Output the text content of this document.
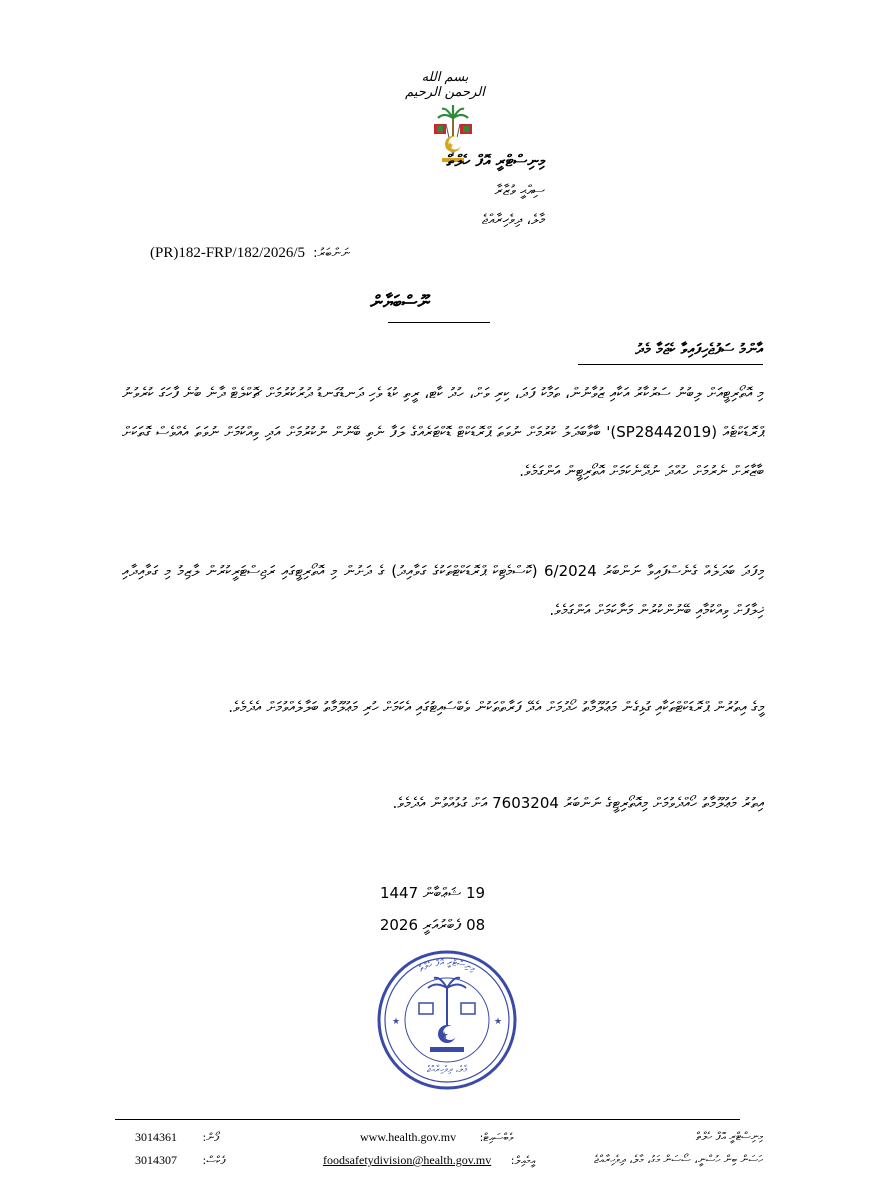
بسم الله الرحمن الرحيم
މިނިސްޓްރީ އޮފް ހެލްތް
ސިއްޙީ ވުޒާރާ
މާލެ، ދިވެހިރާއްޖެ
(PR)182-FRP/182/2026/5 ނަންބަރު:
ނޫސްބަޔާން
އާންމު ސަފުޖެހިފައިވާ ކެޖަމާ މެދު
މި އޮތޯރިޓީއަށް ލިބުނު ސަރުކާރު އަކާއި ޒުވާނުން، ތަމާކު ފަދަ، ކިރި ވަށް، ހުދު ކާޓ، ރީތި ކުޑަ ވެހި ދަނޑުގަނޑު ދުރުކުރުމަށް ޗޮކްލެޓް ދާނެ ބުނެ ފާހަގަ ކުރެވުނު ޕްރޮޑަކްޓެއް (SP28442019)' ބާވާބަދަލު ކުރުމަށް ނުވަތަ ޕްރޮޑަކްޓް ޑޮކްޓަރެއްގެ ލަފާ ނެތި ބޭނުން ނުކުރުމަށް އަދި ވިއްކުމަށް ނުވަތަ އެއްވެސް ގޮތަކަށް ބާޒާރަށް ނެރުމަށް ހުއްދަ ނުދޭނެކަމަށް އޮތޯރިޓީން އަންގަމެވެ.
މިފަދަ ބަދަލެއް ގެނެސްފައިވާ ނަންބަރު 6/2024 (ކޮސްމެޓިކް ޕްރޮޑަކްޓްތަކުގެ ގަވާއިދު) ގެ ދަށުން މި އޮތޯރިޓީގައި ރަޖިސްޓަރީކުރުން ލާޒިމު މި ގަވާއިދާއި ޚިލާފަށް ވިއްކުމާއި ބޭނުންކުރުން މަނާކަމަށް އަންގަމެވެ.
މީގެ އިތުރުން ޕްރޮޑަކްޓްތަކާއި ގުޅިގެން މަޢުލޫމާތު ހޯދުމަށް އެދޭ ފަރާތްތަކުން ވެބްސައިޓުގައި އެކަމަށް ހުރި މަޢުލޫމާތު ބަލާލެއްވުމަށް އެދެމެވެ.
އިތުރު މަޢުލޫމާތު ހޯއްދެވުމަށް މިއޮތޯރިޓީގެ ނަންބަރު 7603204 އަށް ގުޅުއްވުން އެދެމެވެ.
19 ޝަޢްބާން 1447
08 ފެބްރުއަރީ 2026
މިނިސްޓްރީ އޮފް ހެލްތް
★	★
މާލެ، ދިވެހިރާއްޖެ
3014361 ފޯން:
3014307 ފެކްސް:
www.health.gov.mv ވެބްސައިޓް:
foodsafetydivision@health.gov.mv އީމެއިލް:
މިނިސްޓްރީ އޮފް ހެލްތް
ހަސަން ބިން ހުސްނީ، ސޯސަން މަގު، މާލެ، ދިވެހިރާއްޖެ
